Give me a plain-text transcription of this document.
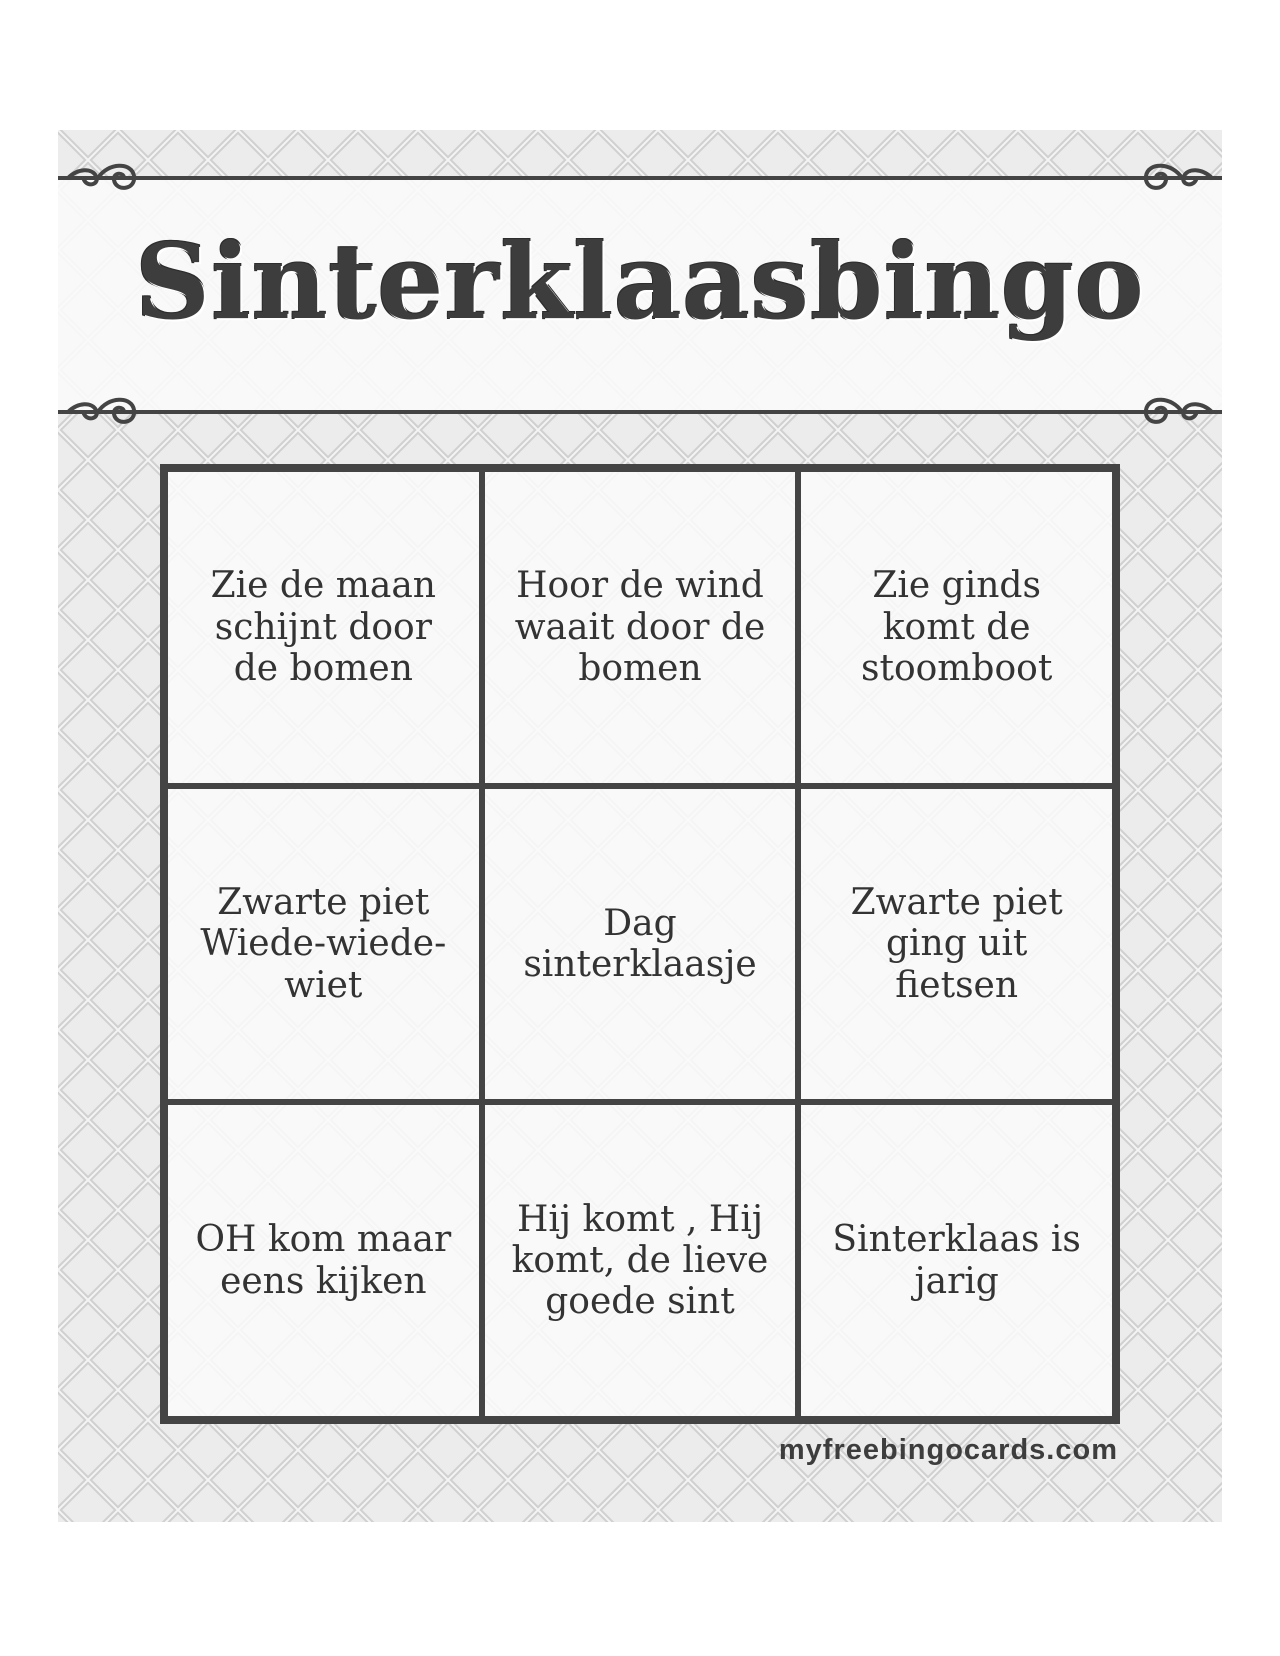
Sinterklaasbingo
Zie de maan schijnt door de bomen
Hoor de wind waait door de bomen
Zie ginds komt de stoomboot
Zwarte piet Wiede-wiede-wiet
Dag sinterklaasje
Zwarte piet ging uit fietsen
OH kom maar eens kijken
Hij komt , Hij komt, de lieve goede sint
Sinterklaas is jarig
myfreebingocards.com
